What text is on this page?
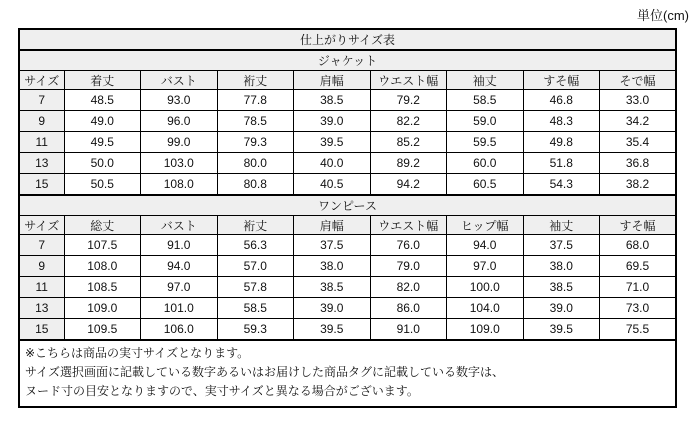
単位(cm)
仕上がりサイズ表								
ジャケット								
サイズ	着丈	バスト	裄丈	肩幅	ウエスト幅	袖丈	すそ幅	そで幅
7	48.5	93.0	77.8	38.5	79.2	58.5	46.8	33.0
9	49.0	96.0	78.5	39.0	82.2	59.0	48.3	34.2
11	49.5	99.0	79.3	39.5	85.2	59.5	49.8	35.4
13	50.0	103.0	80.0	40.0	89.2	60.0	51.8	36.8
15	50.5	108.0	80.8	40.5	94.2	60.5	54.3	38.2
ワンピース								
サイズ	総丈	バスト	裄丈	肩幅	ウエスト幅	ヒップ幅	袖丈	すそ幅
7	107.5	91.0	56.3	37.5	76.0	94.0	37.5	68.0
9	108.0	94.0	57.0	38.0	79.0	97.0	38.0	69.5
11	108.5	97.0	57.8	38.5	82.0	100.0	38.5	71.0
13	109.0	101.0	58.5	39.0	86.0	104.0	39.0	73.0
15	109.5	106.0	59.3	39.5	91.0	109.0	39.5	75.5

※こちらは商品の実寸サイズとなります。
サイズ選択画面に記載している数字あるいはお届けした商品タグに記載している数字は、
ヌード寸の目安となりますので、実寸サイズと異なる場合がございます。								
